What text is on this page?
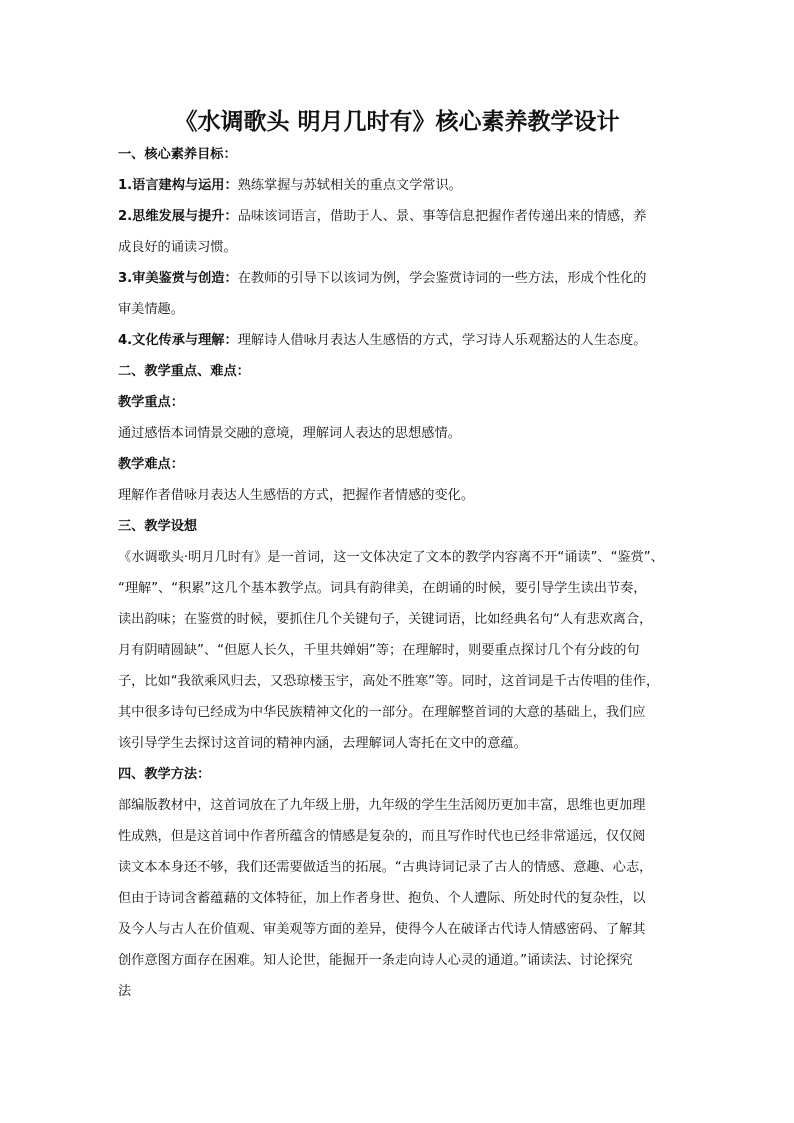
《水调歌头 明月几时有》核心素养教学设计
一、核心素养目标：
1.语言建构与运用：熟练掌握与苏轼相关的重点文学常识。
2.思维发展与提升：品味该词语言，借助于人、景、事等信息把握作者传递出来的情感，养
成良好的诵读习惯。
3.审美鉴赏与创造：在教师的引导下以该词为例，学会鉴赏诗词的一些方法，形成个性化的
审美情趣。
4.文化传承与理解：理解诗人借咏月表达人生感悟的方式，学习诗人乐观豁达的人生态度。
二、教学重点、难点：
教学重点：
通过感悟本词情景交融的意境，理解词人表达的思想感情。
教学难点：
理解作者借咏月表达人生感悟的方式，把握作者情感的变化。
三、教学设想
《水调歌头·明月几时有》是一首词，这一文体决定了文本的教学内容离不开“诵读”、“鉴赏”、
“理解”、“积累”这几个基本教学点。词具有韵律美，在朗诵的时候，要引导学生读出节奏，
读出韵味；在鉴赏的时候，要抓住几个关键句子，关键词语，比如经典名句“人有悲欢离合，
月有阴晴圆缺”、“但愿人长久，千里共婵娟”等；在理解时，则要重点探讨几个有分歧的句
子，比如“我欲乘风归去，又恐琼楼玉宇，高处不胜寒”等。同时，这首词是千古传唱的佳作，
其中很多诗句已经成为中华民族精神文化的一部分。在理解整首词的大意的基础上，我们应
该引导学生去探讨这首词的精神内涵，去理解词人寄托在文中的意蕴。
四、教学方法：
部编版教材中，这首词放在了九年级上册，九年级的学生生活阅历更加丰富，思维也更加理
性成熟，但是这首词中作者所蕴含的情感是复杂的，而且写作时代也已经非常遥远，仅仅阅
读文本本身还不够，我们还需要做适当的拓展。“古典诗词记录了古人的情感、意趣、心志，
但由于诗词含蓄蕴藉的文体特征，加上作者身世、抱负、个人遭际、所处时代的复杂性，以
及今人与古人在价值观、审美观等方面的差异，使得今人在破译古代诗人情感密码、了解其
创作意图方面存在困难。知人论世，能掘开一条走向诗人心灵的通道。”诵读法、讨论探究
法
